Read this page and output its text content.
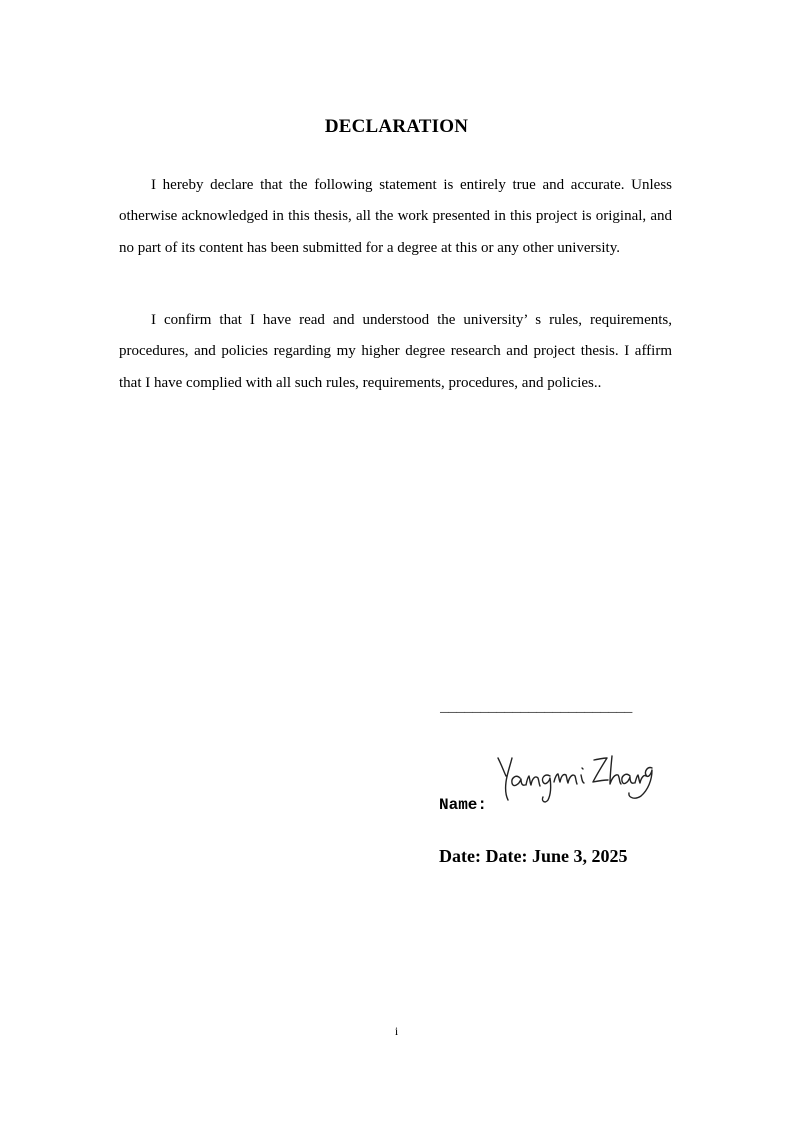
DECLARATION

I hereby declare that the following statement is entirely true and accurate. Unless otherwise acknowledged in this thesis, all the work presented in this project is original, and no part of its content has been submitted for a degree at this or any other university.

I confirm that I have read and understood the university’ s rules, requirements, procedures, and policies regarding my higher degree research and project thesis. I affirm that I have complied with all such rules, requirements, procedures, and policies..

________________________
Name:
Date: Date: June 3, 2025
i
